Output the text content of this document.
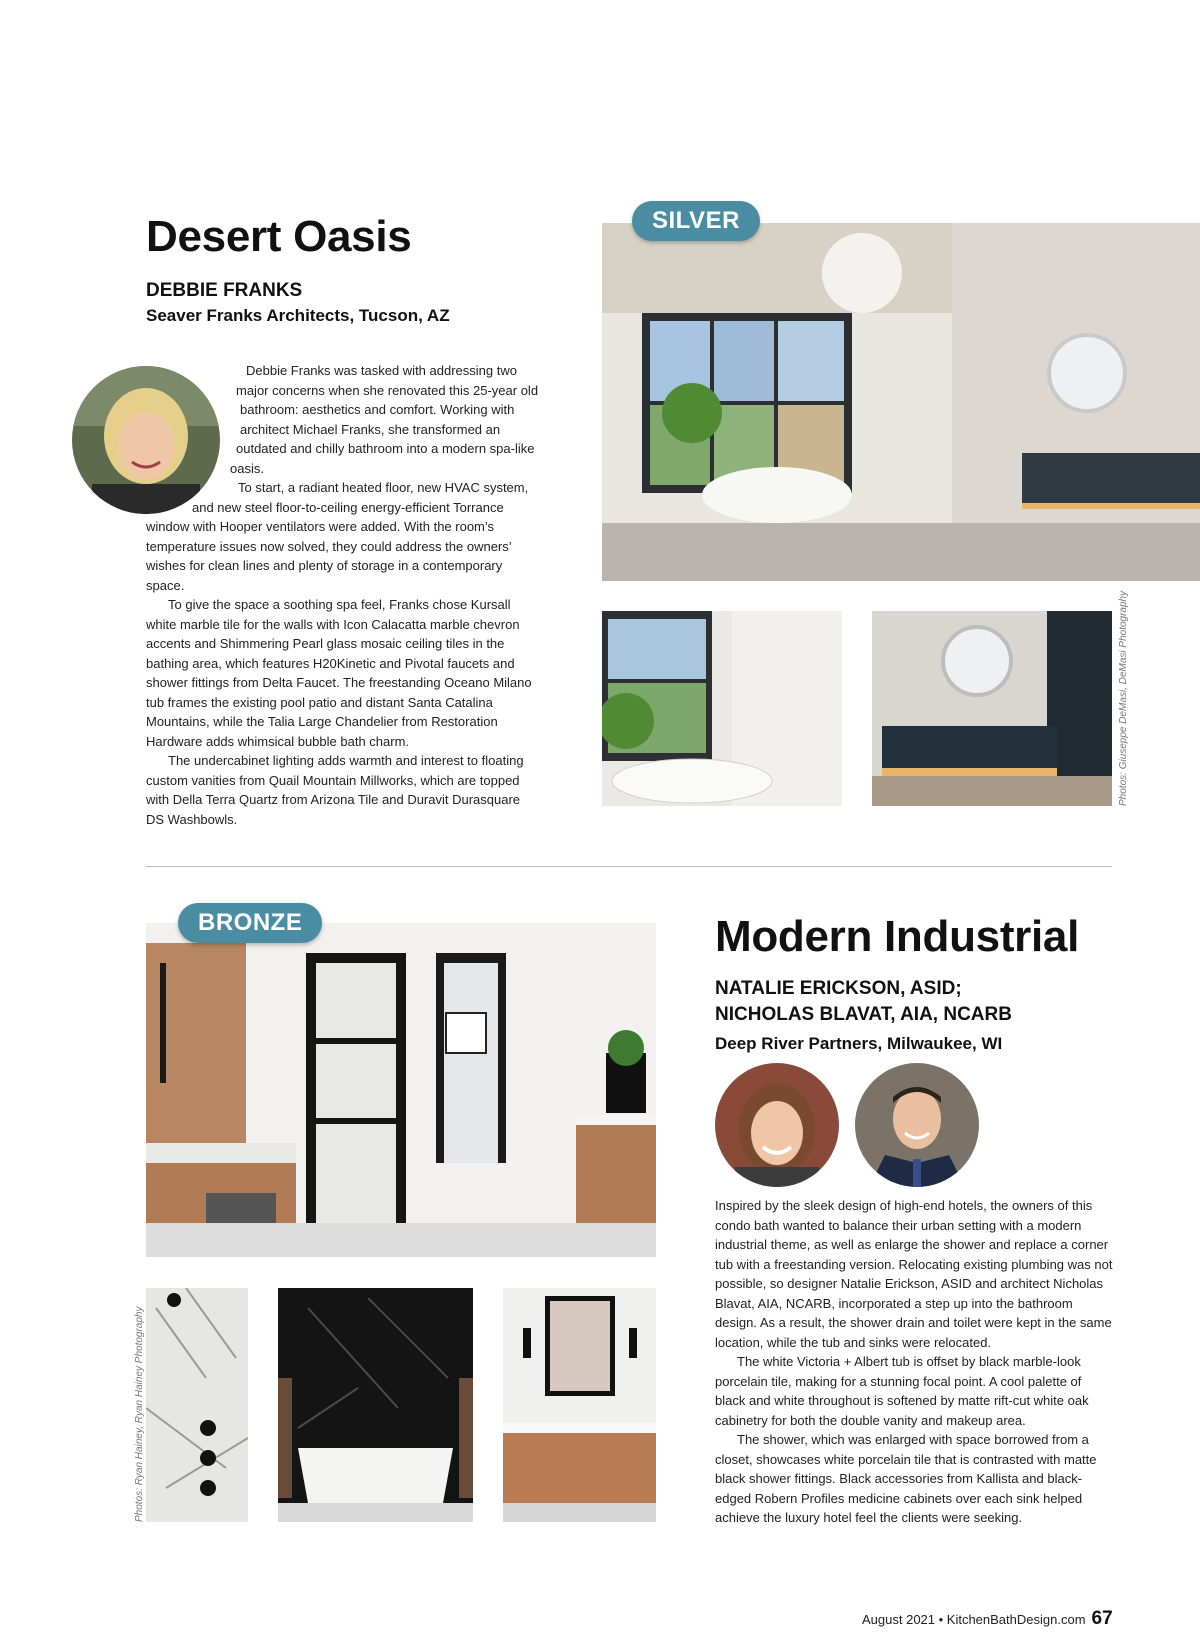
Desert Oasis
DEBBIE FRANKS
Seaver Franks Architects, Tucson, AZ

Debbie Franks was tasked with addressing two major concerns when she renovated this 25-year old bathroom: aesthetics and comfort. Working with architect Michael Franks, she transformed an outdated and chilly bathroom into a modern spa-like oasis.

To start, a radiant heated floor, new HVAC system, and new steel floor-to-ceiling energy-efficient Torrance window with Hooper ventilators were added. With the room’s temperature issues now solved, they could address the owners’ wishes for clean lines and plenty of storage in a contemporary space.

To give the space a soothing spa feel, Franks chose Kursall white marble tile for the walls with Icon Calacatta marble chevron accents and Shimmering Pearl glass mosaic ceiling tiles in the bathing area, which features H20Kinetic and Pivotal faucets and shower fittings from Delta Faucet. The freestanding Oceano Milano tub frames the existing pool patio and distant Santa Catalina Mountains, while the Talia Large Chandelier from Restoration Hardware adds whimsical bubble bath charm.

The undercabinet lighting adds warmth and interest to floating custom vanities from Quail Mountain Millworks, which are topped with Della Terra Quartz from Arizona Tile and Duravit Durasquare DS Washbowls.

SILVER
Photos: Giuseppe DeMasi, DeMasi Photography
BRONZE
Photos: Ryan Hainey, Ryan Hainey Photography
Modern Industrial
NATALIE ERICKSON, ASID;
NICHOLAS BLAVAT, AIA, NCARB
Deep River Partners, Milwaukee, WI

Inspired by the sleek design of high-end hotels, the owners of this condo bath wanted to balance their urban setting with a modern industrial theme, as well as enlarge the shower and replace a corner tub with a freestanding version. Relocating existing plumbing was not possible, so designer Natalie Erickson, ASID and architect Nicholas Blavat, AIA, NCARB, incorporated a step up into the bathroom design. As a result, the shower drain and toilet were kept in the same location, while the tub and sinks were relocated.

The white Victoria + Albert tub is offset by black marble-look porcelain tile, making for a stunning focal point. A cool palette of black and white throughout is softened by matte rift-cut white oak cabinetry for both the double vanity and makeup area.

The shower, which was enlarged with space borrowed from a closet, showcases white porcelain tile that is contrasted with matte black shower fittings. Black accessories from Kallista and black-edged Robern Profiles medicine cabinets over each sink helped achieve the luxury hotel feel the clients were seeking.

August 2021 • KitchenBathDesign.com 67
